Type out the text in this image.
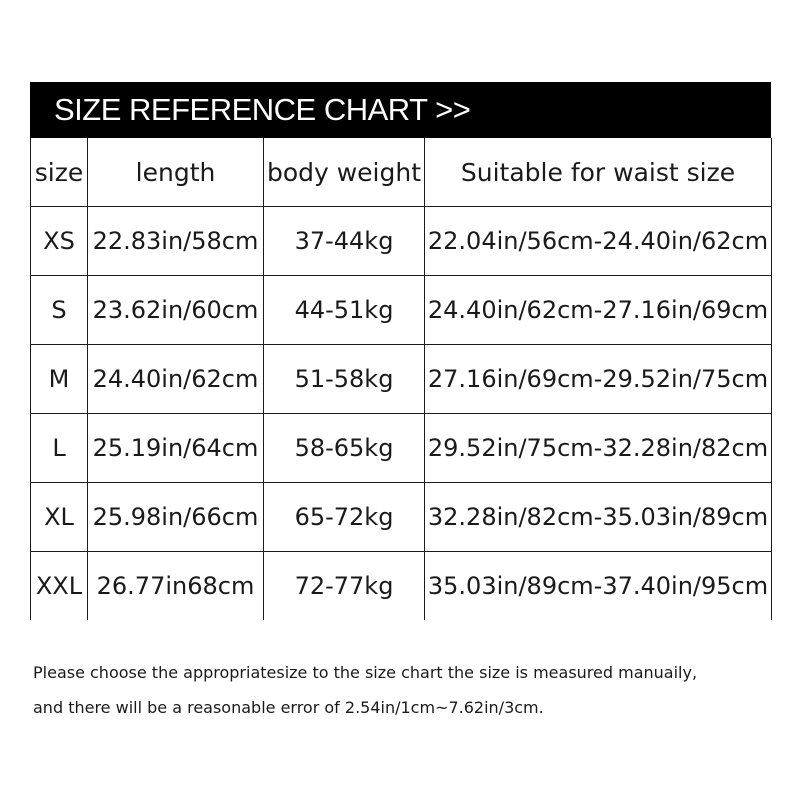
SIZE REFERENCE CHART >>
size	length	body weight	Suitable for waist size
XS	22.83in/58cm	37-44kg	22.04in/56cm-24.40in/62cm
S	23.62in/60cm	44-51kg	24.40in/62cm-27.16in/69cm
M	24.40in/62cm	51-58kg	27.16in/69cm-29.52in/75cm
L	25.19in/64cm	58-65kg	29.52in/75cm-32.28in/82cm
XL	25.98in/66cm	65-72kg	32.28in/82cm-35.03in/89cm
XXL	26.77in68cm	72-77kg	35.03in/89cm-37.40in/95cm

Please choose the appropriatesize to the size chart the size is measured manuaily,

and there will be a reasonable error of 2.54in/1cm~7.62in/3cm.
